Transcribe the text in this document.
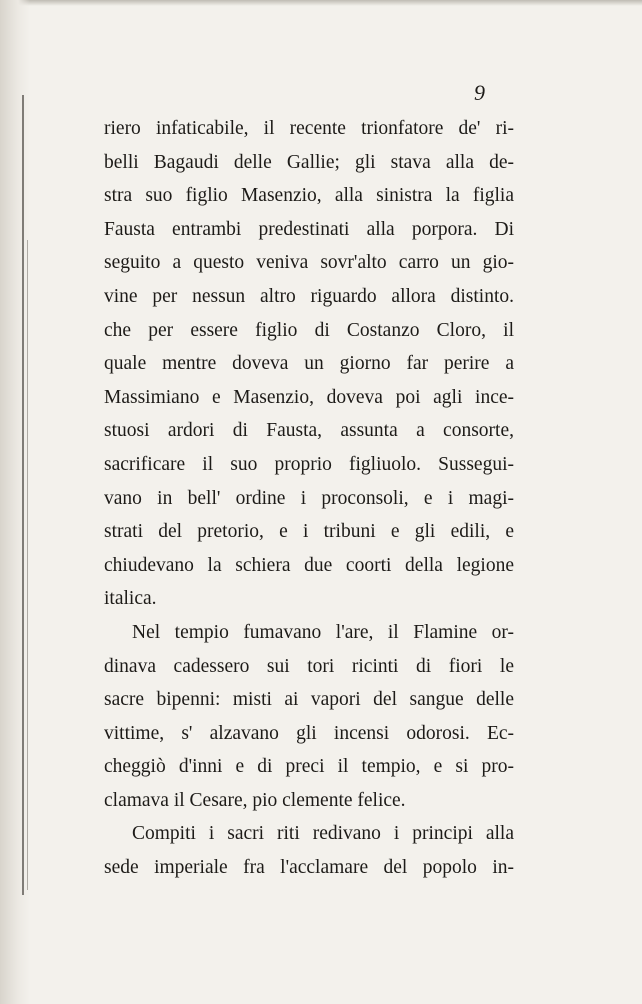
9
riero infaticabile, il recente trionfatore de' ri-
belli Bagaudi delle Gallie; gli stava alla de-
stra suo figlio Masenzio, alla sinistra la figlia
Fausta entrambi predestinati alla porpora. Di
seguito a questo veniva sovr'alto carro un gio-
vine per nessun altro riguardo allora distinto.
che per essere figlio di Costanzo Cloro, il
quale mentre doveva un giorno far perire a
Massimiano e Masenzio, doveva poi agli ince-
stuosi ardori di Fausta, assunta a consorte,
sacrificare il suo proprio figliuolo. Sussegui-
vano in bell' ordine i proconsoli, e i magi-
strati del pretorio, e i tribuni e gli edili, e
chiudevano la schiera due coorti della legione
italica.
Nel tempio fumavano l'are, il Flamine or-
dinava cadessero sui tori ricinti di fiori le
sacre bipenni: misti ai vapori del sangue delle
vittime, s' alzavano gli incensi odorosi. Ec-
cheggiò d'inni e di preci il tempio, e si pro-
clamava il Cesare, pio clemente felice.
Compiti i sacri riti redivano i principi alla
sede imperiale fra l'acclamare del popolo in-
